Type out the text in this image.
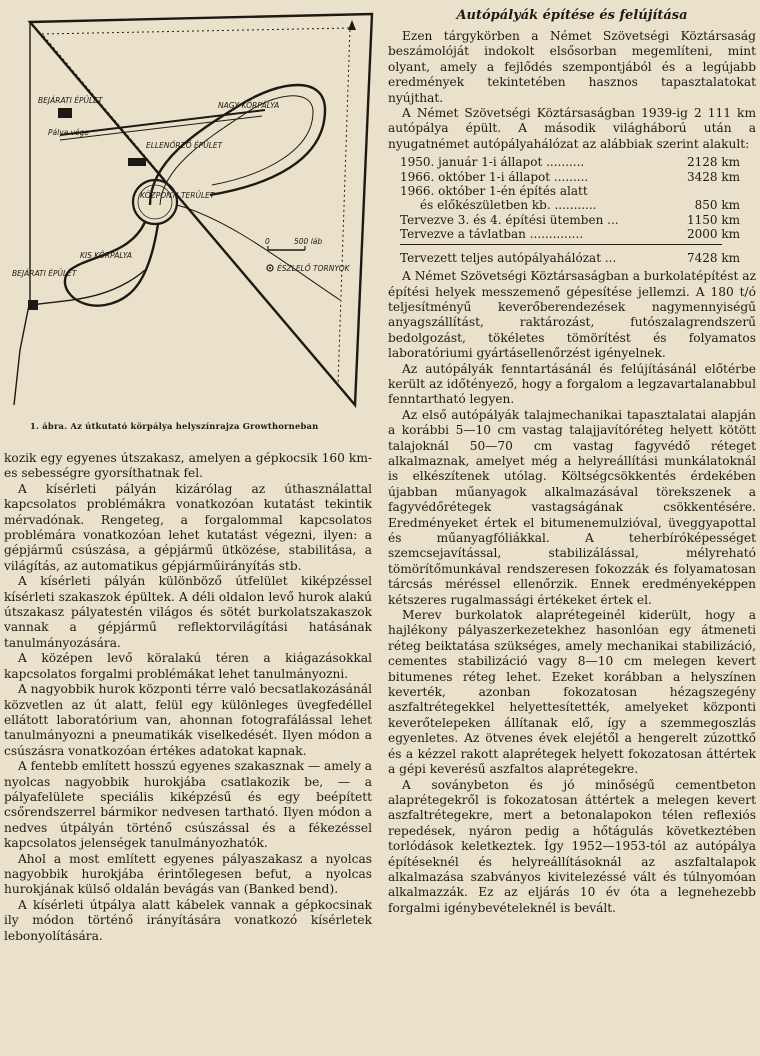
BEJÁRATI ÉPÜLET
Pálya vége
NAGY KÖRPÁLYA
ELLENŐRZŐ ÉPÜLET
KÖZPONTI TERÜLET
KIS KÖRPÁLYA
BEJÁRATI ÉPÜLET
0	500 láb
ÉSZLELŐ TORNYOK
1. ábra. Az útkutató körpálya helyszínrajza Growthorneban

kozik egy egyenes útszakasz, amelyen a gépkocsik 160 km-es sebességre gyorsíthatnak fel.

A kísérleti pályán kizárólag az úthasználattal kapcsolatos problémákra vonatkozóan kutatást tekintik mérvadónak. Rengeteg, a forgalommal kapcsolatos problémára vonatkozóan lehet kutatást végezni, ilyen: a gépjármű csúszása, a gépjármű ütközése, stabilitása, a világítás, az automatikus gépjárműirányítás stb.

A kísérleti pályán különböző útfelület kiképzéssel kísérleti szakaszok épültek. A déli oldalon levő hurok alakú útszakasz pályatestén világos és sötét burkolatszakaszok vannak a gépjármű reflektorvilágítási hatásának tanulmányozására.

A középen levő köralakú téren a kiágazásokkal kapcsolatos forgalmi problémákat lehet tanulmányozni.

A nagyobbik hurok központi térre való becsatlakozásánál közvetlen az út alatt, felül egy különleges üvegfedéllel ellátott laboratórium van, ahonnan fotografálással lehet tanulmányozni a pneumatikák viselkedését. Ilyen módon a csúszásra vonatkozóan értékes adatokat kapnak.

A fentebb említett hosszú egyenes szakasznak — amely a nyolcas nagyobbik hurokjába csatlakozik be, — a pályafelülete speciális kiképzésű és egy beépített csőrendszerrel bármikor nedvesen tartható. Ilyen módon a nedves útpályán történő csúszással és a fékezéssel kapcsolatos jelenségek tanulmányozhatók.

Ahol a most említett egyenes pályaszakasz a nyolcas nagyobbik hurokjába érintőlegesen befut, a nyolcas hurokjának külső oldalán bevágás van (Banked bend).

A kísérleti útpálya alatt kábelek vannak a gépkocsinak ily módon történő irányítására vonatkozó kísérletek lebonyolítására.

Autópályák építése és felújítása

Ezen tárgykörben a Német Szövetségi Köztársaság beszámolóját indokolt elsősorban megemlíteni, mint olyant, amely a fejlődés szempontjából és a legújabb eredmények tekintetében hasznos tapasztalatokat nyújthat.

A Német Szövetségi Köztársaságban 1939-ig 2 111 km autópálya épült. A második világháború után a nyugatnémet autópályahálózat az alábbiak szerint alakult:

1950. január 1-i állapot ..........	2128 km
1966. október 1-i állapot .........	3428 km
1966. október 1-én építés alatt
és előkészületben kb. ...........	850 km
Tervezve 3. és 4. építési ütemben ...	1150 km
Tervezve a távlatban ..............	2000 km
Tervezett teljes autópályahálózat ...	7428 km

A Német Szövetségi Köztársaságban a burkolatépítést az építési helyek messzemenő gépesítése jellemzi. A 180 t/ó teljesítményű keverőberendezések nagymennyiségű anyagszállítást, raktározást, futószalagrendszerű bedolgozást, tökéletes tömörítést és folyamatos laboratóriumi gyártásellenőrzést igényelnek.

Az autópályák fenntartásánál és felújításánál előtérbe került az időtényező, hogy a forgalom a legzavartalanabbul fenntartható legyen.

Az első autópályák talajmechanikai tapasztalatai alapján a korábbi 5—10 cm vastag talajjavítóréteg helyett kötött talajoknál 50—70 cm vastag fagyvédő réteget alkalmaznak, amelyet még a helyreállítási munkálatoknál is elkészítenek utólag. Költségcsökkentés érdekében újabban műanyagok alkalmazásával törekszenek a fagyvédőrétegek vastagságának csökkentésére. Eredményeket értek el bitumenemulzióval, üveggyapottal és műanyagfóliákkal. A teherbíróképességet szemcsejavítással, stabilizálással, mélyreható tömörítőmunkával rendszeresen fokozzák és folyamatosan tárcsás méréssel ellenőrzik. Ennek eredményeképpen kétszeres rugalmassági értékeket értek el.

Merev burkolatok alaprétegeinél kiderült, hogy a hajlékony pályaszerkezetekhez hasonlóan egy átmeneti réteg beiktatása szükséges, amely mechanikai stabilizáció, cementes stabilizáció vagy 8—10 cm melegen kevert bitumenes réteg lehet. Ezeket korábban a helyszínen keverték, azonban fokozatosan hézagszegény aszfaltrétegekkel helyettesítették, amelyeket központi keverőtelepeken állítanak elő, így a szemmegoszlás egyenletes. Az ötvenes évek elejétől a hengerelt zúzottkő és a kézzel rakott alaprétegek helyett fokozatosan áttértek a gépi keverésű aszfaltos alaprétegekre.

A soványbeton és jó minőségű cementbeton alaprétegekről is fokozatosan áttértek a melegen kevert aszfaltrétegekre, mert a betonalapokon télen reflexiós repedések, nyáron pedig a hőtágulás következtében torlódások keletkeztek. Így 1952—1953-tól az autópálya építéseknél és helyreállításoknál az aszfaltalapok alkalmazása szabványos kivitelezéssé vált és túlnyomóan alkalmazzák. Ez az eljárás 10 év óta a legnehezebb forgalmi igénybevételeknél is bevált.
